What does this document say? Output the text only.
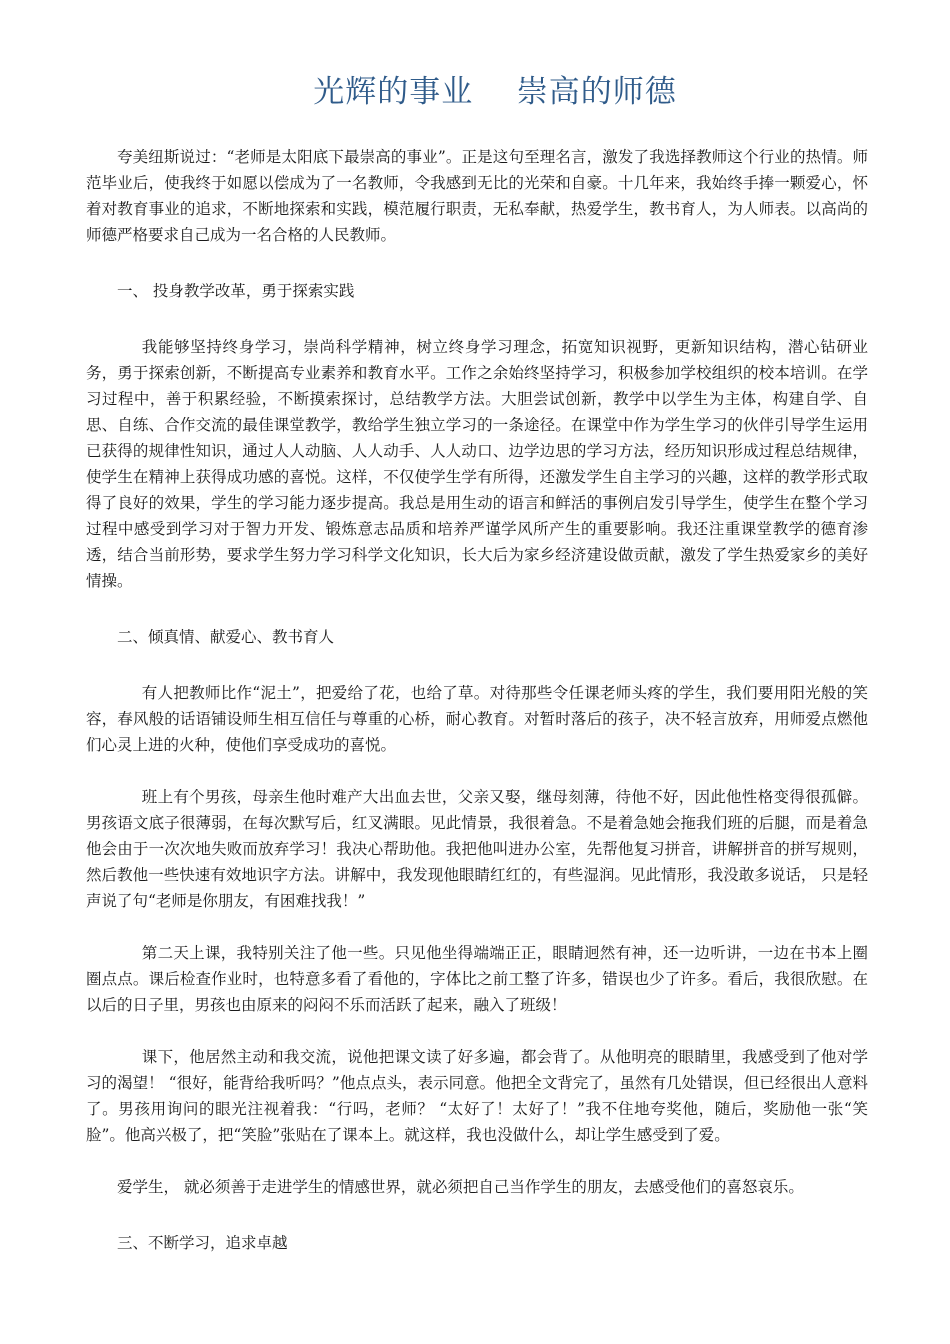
光辉的事业    崇高的师德

夸美纽斯说过：“老师是太阳底下最崇高的事业”。正是这句至理名言，激发了我选择教师这个行业的热情。师范毕业后，使我终于如愿以偿成为了一名教师，令我感到无比的光荣和自豪。十几年来，我始终手捧一颗爱心，怀着对教育事业的追求，不断地探索和实践，模范履行职责，无私奉献，热爱学生，教书育人，为人师表。以高尚的师德严格要求自己成为一名合格的人民教师。

一、 投身教学改革，勇于探索实践

我能够坚持终身学习，崇尚科学精神，树立终身学习理念，拓宽知识视野，更新知识结构，潜心钻研业务，勇于探索创新，不断提高专业素养和教育水平。工作之余始终坚持学习，积极参加学校组织的校本培训。在学习过程中，善于积累经验，不断摸索探讨，总结教学方法。大胆尝试创新，教学中以学生为主体，构建自学、自思、自练、合作交流的最佳课堂教学，教给学生独立学习的一条途径。在课堂中作为学生学习的伙伴引导学生运用已获得的规律性知识，通过人人动脑、人人动手、人人动口、边学边思的学习方法，经历知识形成过程总结规律，使学生在精神上获得成功感的喜悦。这样，不仅使学生学有所得，还激发学生自主学习的兴趣，这样的教学形式取得了良好的效果，学生的学习能力逐步提高。我总是用生动的语言和鲜活的事例启发引导学生，使学生在整个学习过程中感受到学习对于智力开发、锻炼意志品质和培养严谨学风所产生的重要影响。我还注重课堂教学的德育渗透，结合当前形势，要求学生努力学习科学文化知识，长大后为家乡经济建设做贡献，激发了学生热爱家乡的美好情操。

二、倾真情、献爱心、教书育人

有人把教师比作“泥土”，把爱给了花，也给了草。对待那些令任课老师头疼的学生，我们要用阳光般的笑容，春风般的话语铺设师生相互信任与尊重的心桥，耐心教育。对暂时落后的孩子，决不轻言放弃，用师爱点燃他们心灵上进的火种，使他们享受成功的喜悦。

班上有个男孩，母亲生他时难产大出血去世，父亲又娶，继母刻薄，待他不好，因此他性格变得很孤僻。男孩语文底子很薄弱，在每次默写后，红叉满眼。见此情景，我很着急。不是着急她会拖我们班的后腿，而是着急他会由于一次次地失败而放弃学习！我决心帮助他。我把他叫进办公室，先帮他复习拼音，讲解拼音的拼写规则，然后教他一些快速有效地识字方法。讲解中，我发现他眼睛红红的，有些湿润。见此情形，我没敢多说话， 只是轻声说了句“老师是你朋友，有困难找我！”

第二天上课，我特别关注了他一些。只见他坐得端端正正，眼睛迥然有神，还一边听讲，一边在书本上圈圈点点。课后检查作业时，也特意多看了看他的，字体比之前工整了许多，错误也少了许多。看后，我很欣慰。在以后的日子里，男孩也由原来的闷闷不乐而活跃了起来，融入了班级！

课下，他居然主动和我交流，说他把课文读了好多遍，都会背了。从他明亮的眼睛里，我感受到了他对学习的渴望！ “很好，能背给我听吗？”他点点头，表示同意。他把全文背完了，虽然有几处错误，但已经很出人意料了。男孩用询问的眼光注视着我：“行吗，老师？ “太好了！太好了！”我不住地夸奖他，随后，奖励他一张“笑脸”。他高兴极了，把“笑脸”张贴在了课本上。就这样，我也没做什么，却让学生感受到了爱。

爱学生， 就必须善于走进学生的情感世界，就必须把自己当作学生的朋友，去感受他们的喜怒哀乐。

三、不断学习，追求卓越
